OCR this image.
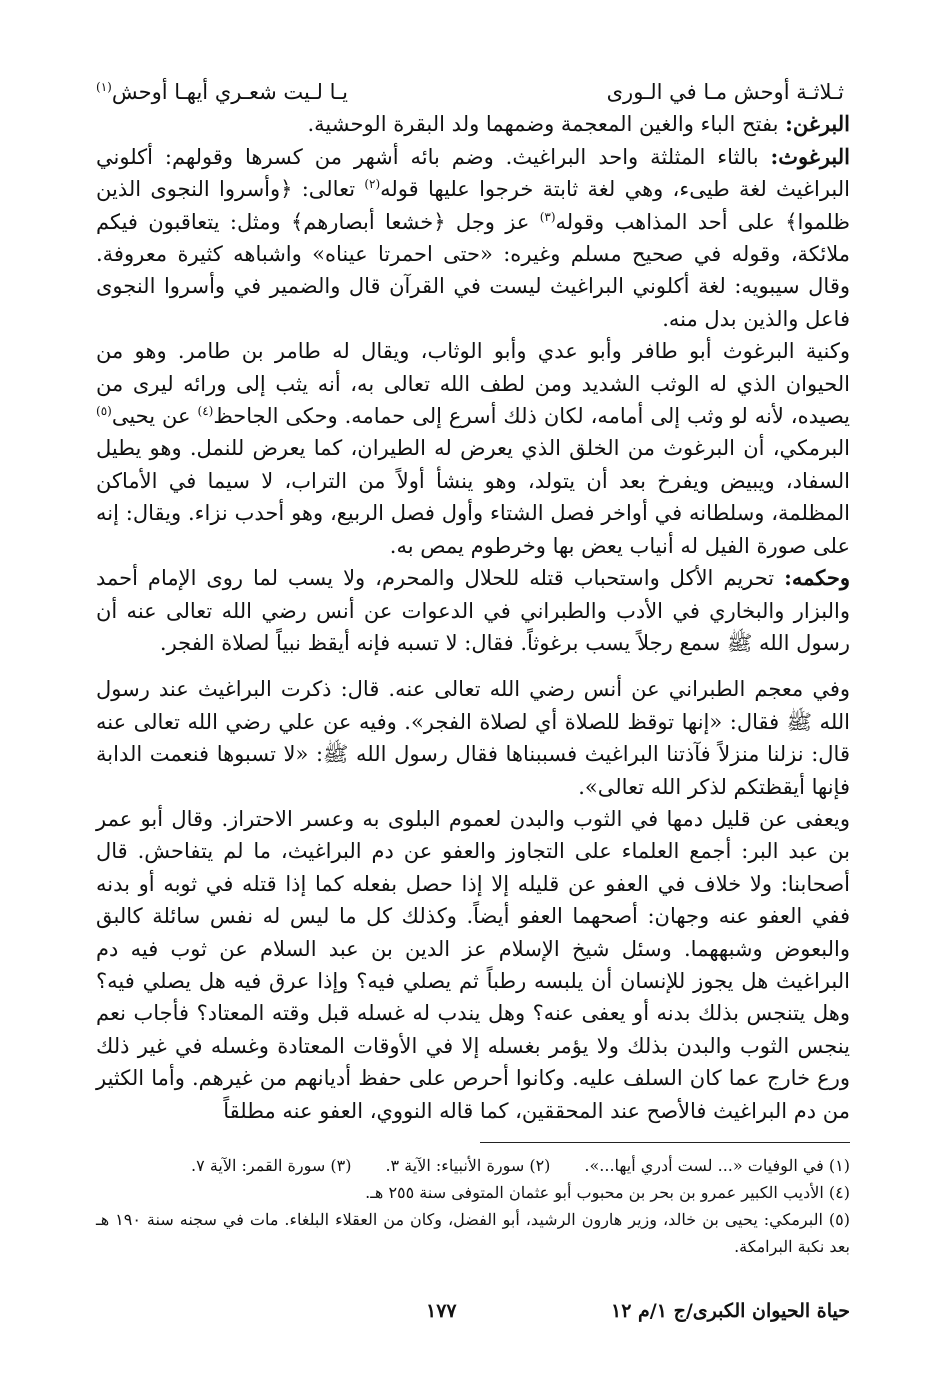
ثـلاثـة أوحش مـا في الـورى
يـا لـيت شعـري أيهـا أوحش(١)

البرغن: بفتح الباء والغين المعجمة وضمهما ولد البقرة الوحشية.

البرغوث: بالثاء المثلثة واحد البراغيث. وضم بائه أشهر من كسرها وقولهم: أكلوني البراغيث لغة طيىء، وهي لغة ثابتة خرجوا عليها قوله$^{(٢)}$ تعالى: ﴿وأسروا النجوى الذين ظلموا﴾ على أحد المذاهب وقوله$^{(٣)}$ عز وجل ﴿خشعا أبصارهم﴾ ومثل: يتعاقبون فيكم ملائكة، وقوله في صحيح مسلم وغيره: «حتى احمرتا عيناه» واشباهه كثيرة معروفة. وقال سيبويه: لغة أكلوني البراغيث ليست في القرآن قال والضمير في وأسروا النجوى فاعل والذين بدل منه.

وكنية البرغوث أبو طافر وأبو عدي وأبو الوثاب، ويقال له طامر بن طامر. وهو من الحيوان الذي له الوثب الشديد ومن لطف الله تعالى به، أنه يثب إلى ورائه ليرى من يصيده، لأنه لو وثب إلى أمامه، لكان ذلك أسرع إلى حمامه. وحكى الجاحظ$^{(٤)}$ عن يحيى$^{(٥)}$ البرمكي، أن البرغوث من الخلق الذي يعرض له الطيران، كما يعرض للنمل. وهو يطيل السفاد، ويبيض ويفرخ بعد أن يتولد، وهو ينشأ أولاً من التراب، لا سيما في الأماكن المظلمة، وسلطانه في أواخر فصل الشتاء وأول فصل الربيع، وهو أحدب نزاء. ويقال: إنه على صورة الفيل له أنياب يعض بها وخرطوم يمص به.

وحكمه: تحريم الأكل واستحباب قتله للحلال والمحرم، ولا يسب لما روى الإمام أحمد والبزار والبخاري في الأدب والطبراني في الدعوات عن أنس رضي الله تعالى عنه أن رسول الله ﷺ سمع رجلاً يسب برغوثاً. فقال: لا تسبه فإنه أيقظ نبياً لصلاة الفجر.

وفي معجم الطبراني عن أنس رضي الله تعالى عنه. قال: ذكرت البراغيث عند رسول الله ﷺ فقال: «إنها توقظ للصلاة أي لصلاة الفجر». وفيه عن علي رضي الله تعالى عنه قال: نزلنا منزلاً فآذتنا البراغيث فسببناها فقال رسول الله ﷺ: «لا تسبوها فنعمت الدابة فإنها أيقظتكم لذكر الله تعالى».

ويعفى عن قليل دمها في الثوب والبدن لعموم البلوى به وعسر الاحتراز. وقال أبو عمر بن عبد البر: أجمع العلماء على التجاوز والعفو عن دم البراغيث، ما لم يتفاحش. قال أصحابنا: ولا خلاف في العفو عن قليله إلا إذا حصل بفعله كما إذا قتله في ثوبه أو بدنه ففي العفو عنه وجهان: أصحهما العفو أيضاً. وكذلك كل ما ليس له نفس سائلة كالبق والبعوض وشبههما. وسئل شيخ الإسلام عز الدين بن عبد السلام عن ثوب فيه دم البراغيث هل يجوز للإنسان أن يلبسه رطباً ثم يصلي فيه؟ وإذا عرق فيه هل يصلي فيه؟ وهل يتنجس بذلك بدنه أو يعفى عنه؟ وهل يندب له غسله قبل وقته المعتاد؟ فأجاب نعم ينجس الثوب والبدن بذلك ولا يؤمر بغسله إلا في الأوقات المعتادة وغسله في غير ذلك ورع خارج عما كان السلف عليه. وكانوا أحرص على حفظ أديانهم من غيرهم. وأما الكثير من دم البراغيث فالأصح عند المحققين، كما قاله النووي، العفو عنه مطلقاً

(١) في الوفيات «... لست أدري أيها...».
(٢) سورة الأنبياء: الآية ٣.
(٣) سورة القمر: الآية ٧.

(٤) الأديب الكبير عمرو بن بحر بن محبوب أبو عثمان المتوفى سنة ٢٥٥ هـ.

(٥) البرمكي: يحيى بن خالد، وزير هارون الرشيد، أبو الفضل، وكان من العقلاء البلغاء. مات في سجنه سنة ١٩٠ هـ بعد نكبة البرامكة.

حياة الحيوان الكبرى/ج ١/م ١٢
١٧٧
